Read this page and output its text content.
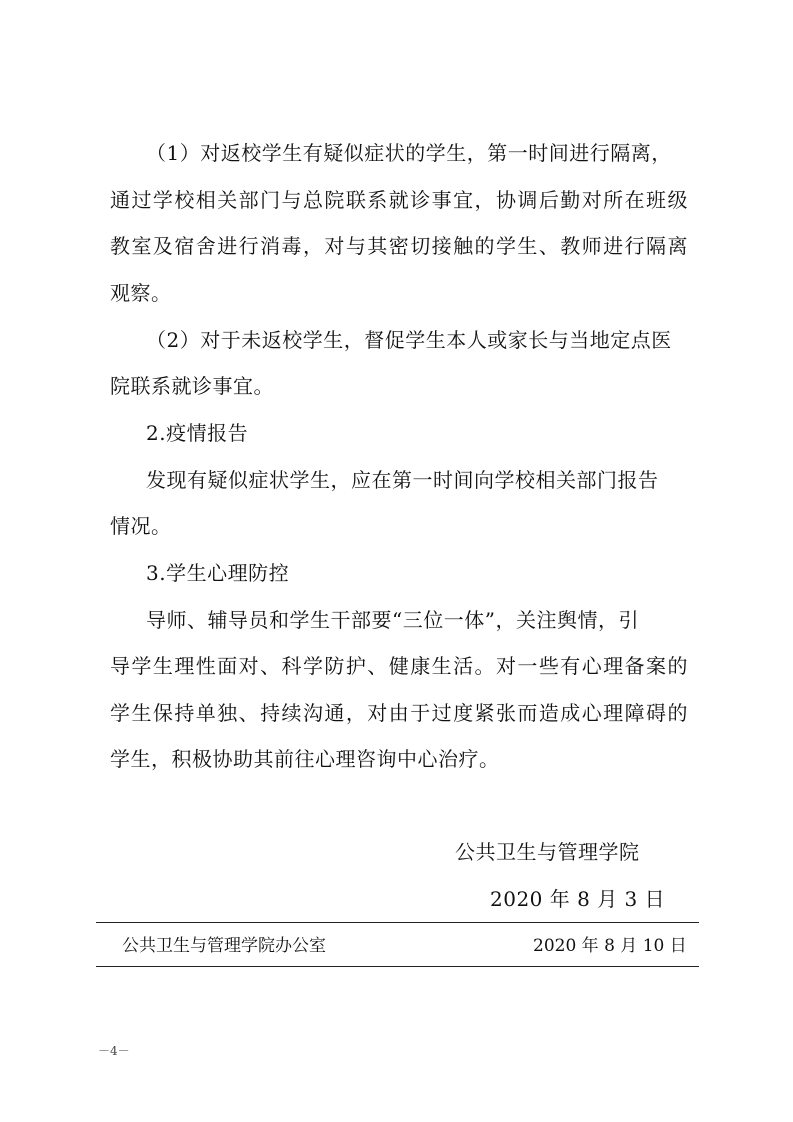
（1）对返校学生有疑似症状的学生，第一时间进行隔离，
通过学校相关部门与总院联系就诊事宜，协调后勤对所在班级
教室及宿舍进行消毒，对与其密切接触的学生、教师进行隔离
观察。
（2）对于未返校学生，督促学生本人或家长与当地定点医
院联系就诊事宜。
2.疫情报告
发现有疑似症状学生，应在第一时间向学校相关部门报告
情况。
3.学生心理防控
导师、辅导员和学生干部要“三位一体”，关注舆情，引
导学生理性面对、科学防护、健康生活。对一些有心理备案的
学生保持单独、持续沟通，对由于过度紧张而造成心理障碍的
学生，积极协助其前往心理咨询中心治疗。
公共卫生与管理学院
2020 年 8 月 3 日
公共卫生与管理学院办公室	2020 年 8 月 10 日
－4－
